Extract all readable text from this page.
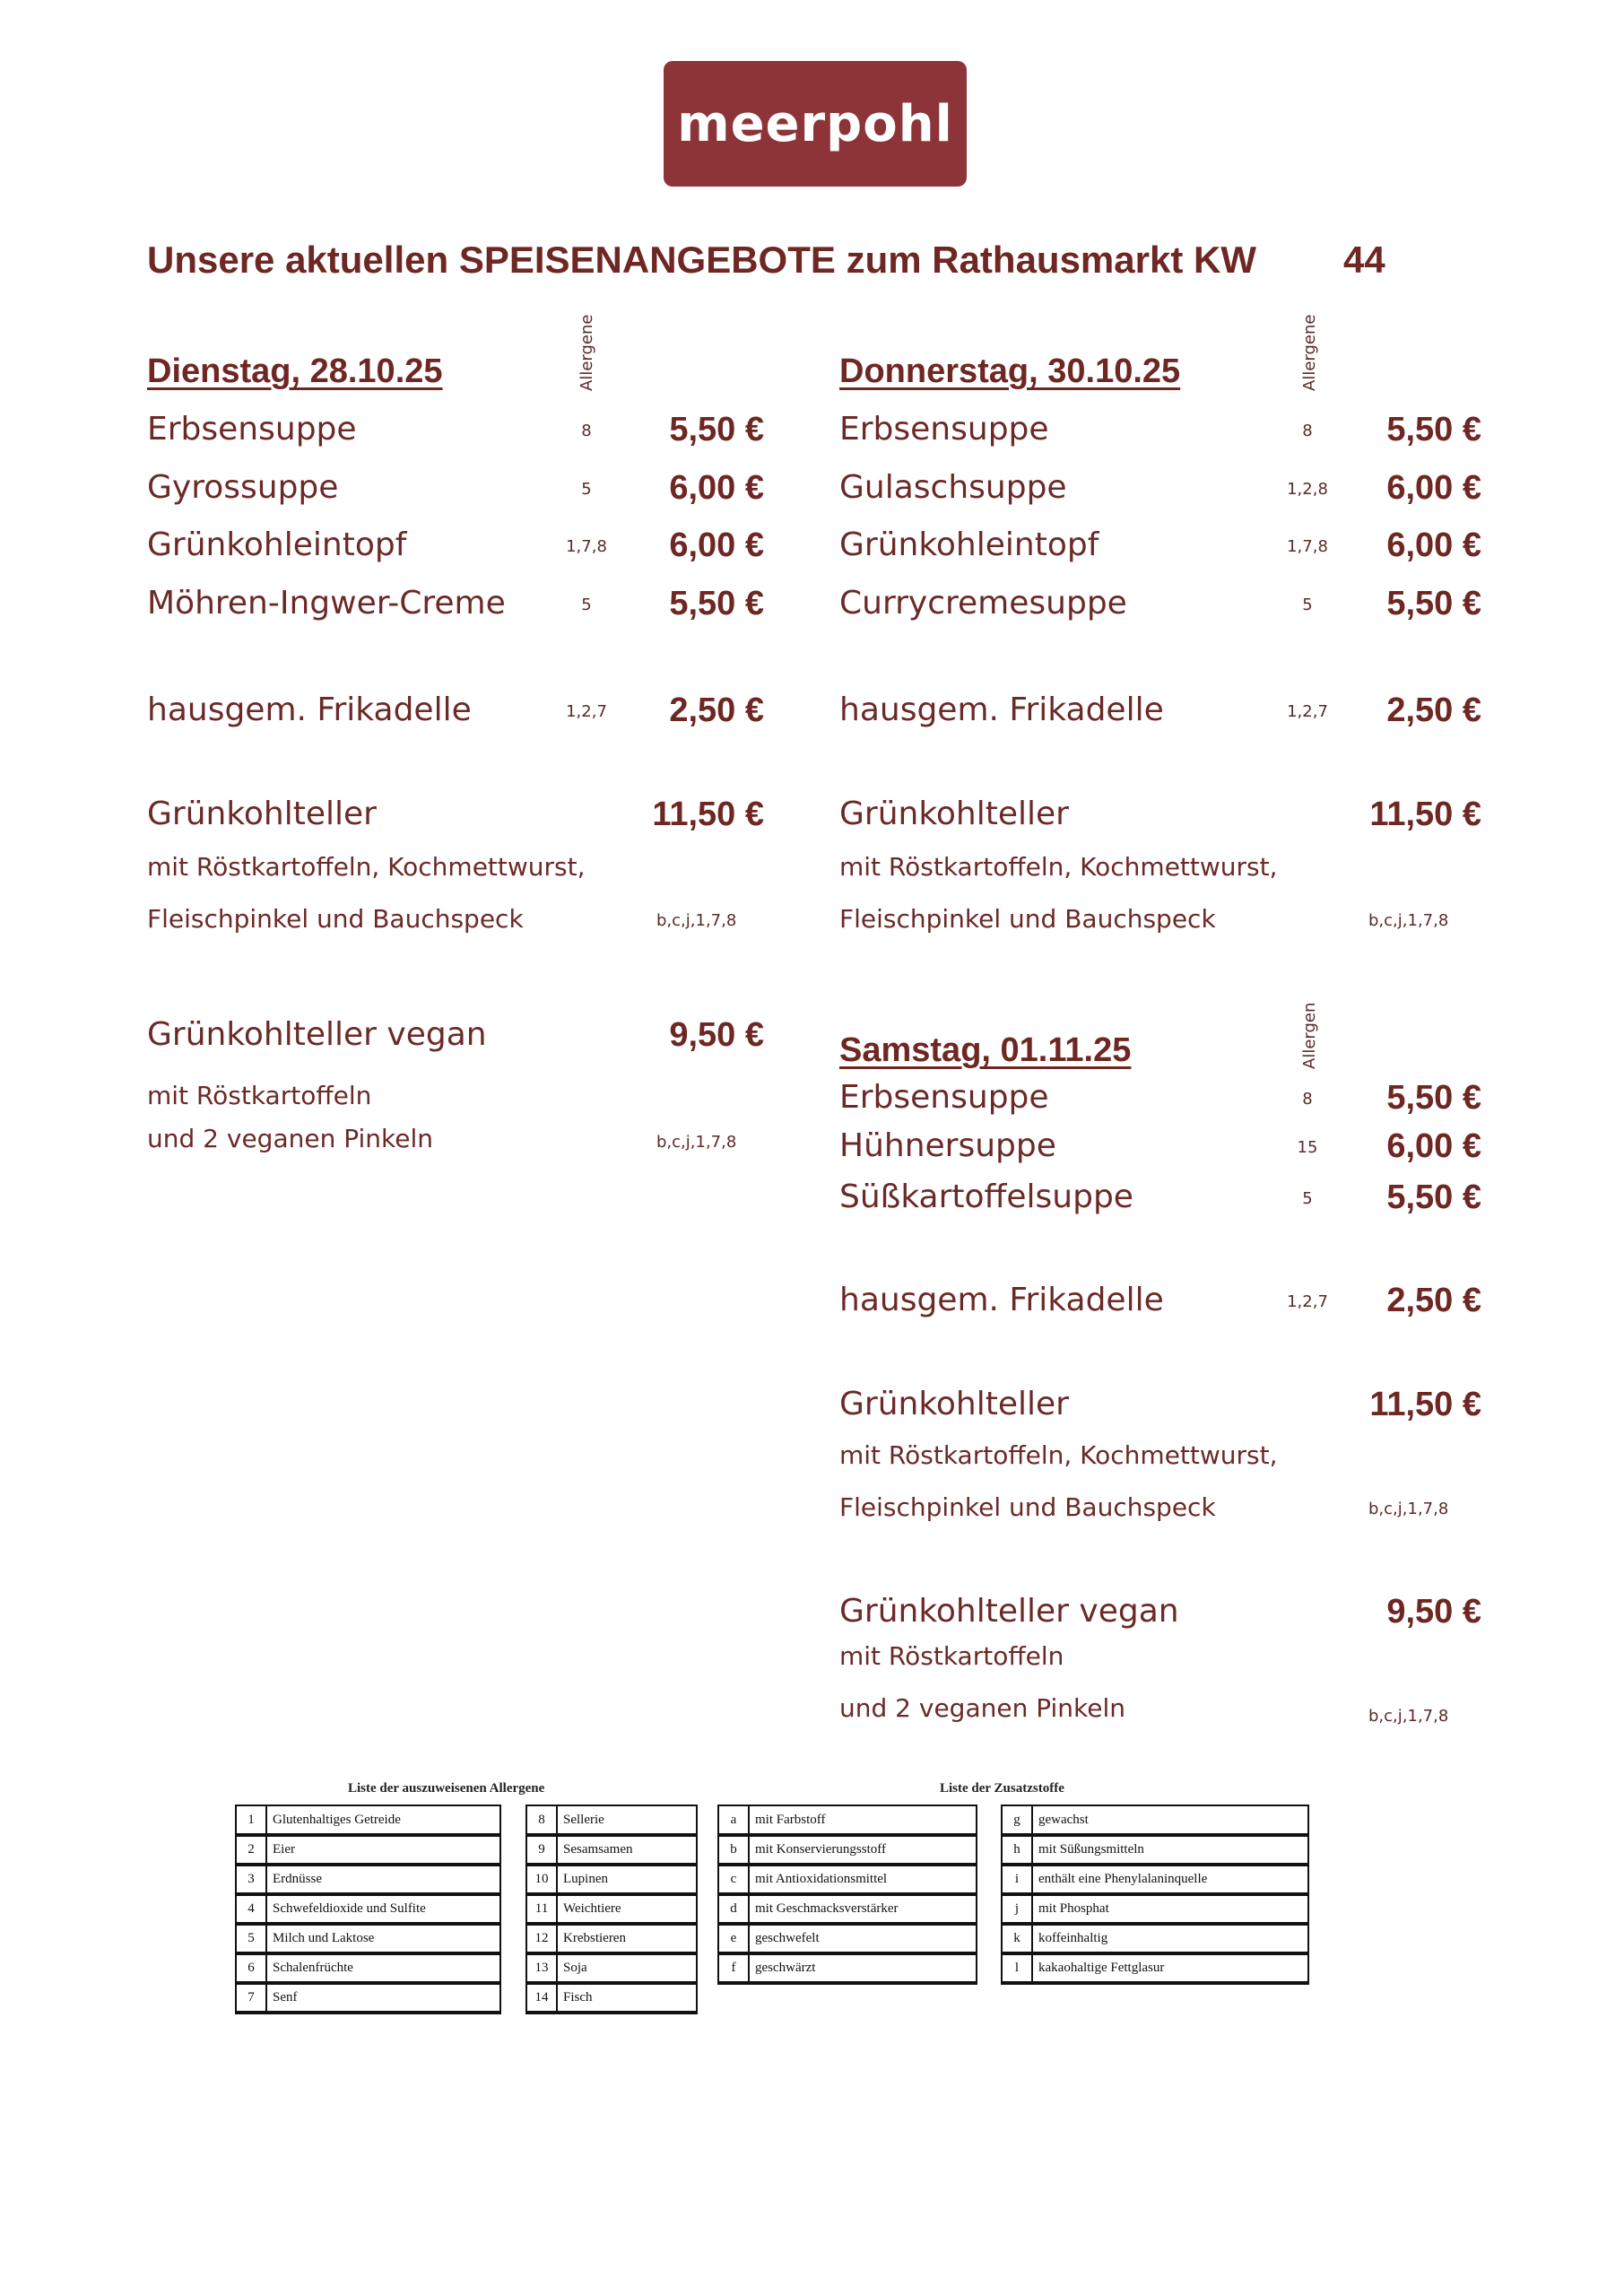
meerpohl
Unsere aktuellen SPEISENANGEBOTE zum Rathausmarkt KW 44
Allergene
Dienstag, 28.10.25
Erbsensuppe	8	5,50 €
Gyrossuppe	5	6,00 €
Grünkohleintopf	1,7,8	6,00 €
Möhren-Ingwer-Creme	5	5,50 €
hausgem. Frikadelle	1,2,7	2,50 €
Grünkohlteller	11,50 €
mit Röstkartoffeln, Kochmettwurst,
Fleischpinkel und Bauchspeck	b,c,j,1,7,8
Grünkohlteller vegan	9,50 €
mit Röstkartoffeln
und 2 veganen Pinkeln	b,c,j,1,7,8
Allergene
Donnerstag, 30.10.25
Erbsensuppe	8	5,50 €
Gulaschsuppe	1,2,8	6,00 €
Grünkohleintopf	1,7,8	6,00 €
Currycremesuppe	5	5,50 €
hausgem. Frikadelle	1,2,7	2,50 €
Grünkohlteller	11,50 €
mit Röstkartoffeln, Kochmettwurst,
Fleischpinkel und Bauchspeck	b,c,j,1,7,8
Allergen
Samstag, 01.11.25
Erbsensuppe	8	5,50 €
Hühnersuppe	15	6,00 €
Süßkartoffelsuppe	5	5,50 €
hausgem. Frikadelle	1,2,7	2,50 €
Grünkohlteller	11,50 €
mit Röstkartoffeln, Kochmettwurst,
Fleischpinkel und Bauchspeck	b,c,j,1,7,8
Grünkohlteller vegan	9,50 €
mit Röstkartoffeln
und 2 veganen Pinkeln	b,c,j,1,7,8
Liste der auszuweisenen Allergene	Liste der Zusatzstoffe
1	Glutenhaltiges Getreide
2	Eier
3	Erdnüsse
4	Schwefeldioxide und Sulfite
5	Milch und Laktose
6	Schalenfrüchte
7	Senf
8	Sellerie
9	Sesamsamen
10	Lupinen
11	Weichtiere
12	Krebstieren
13	Soja
14	Fisch
a	mit Farbstoff
b	mit Konservierungsstoff
c	mit Antioxidationsmittel
d	mit Geschmacksverstärker
e	geschwefelt
f	geschwärzt
g	gewachst
h	mit Süßungsmitteln
i	enthält eine Phenylalaninquelle
j	mit Phosphat
k	koffeinhaltig
l	kakaohaltige Fettglasur
